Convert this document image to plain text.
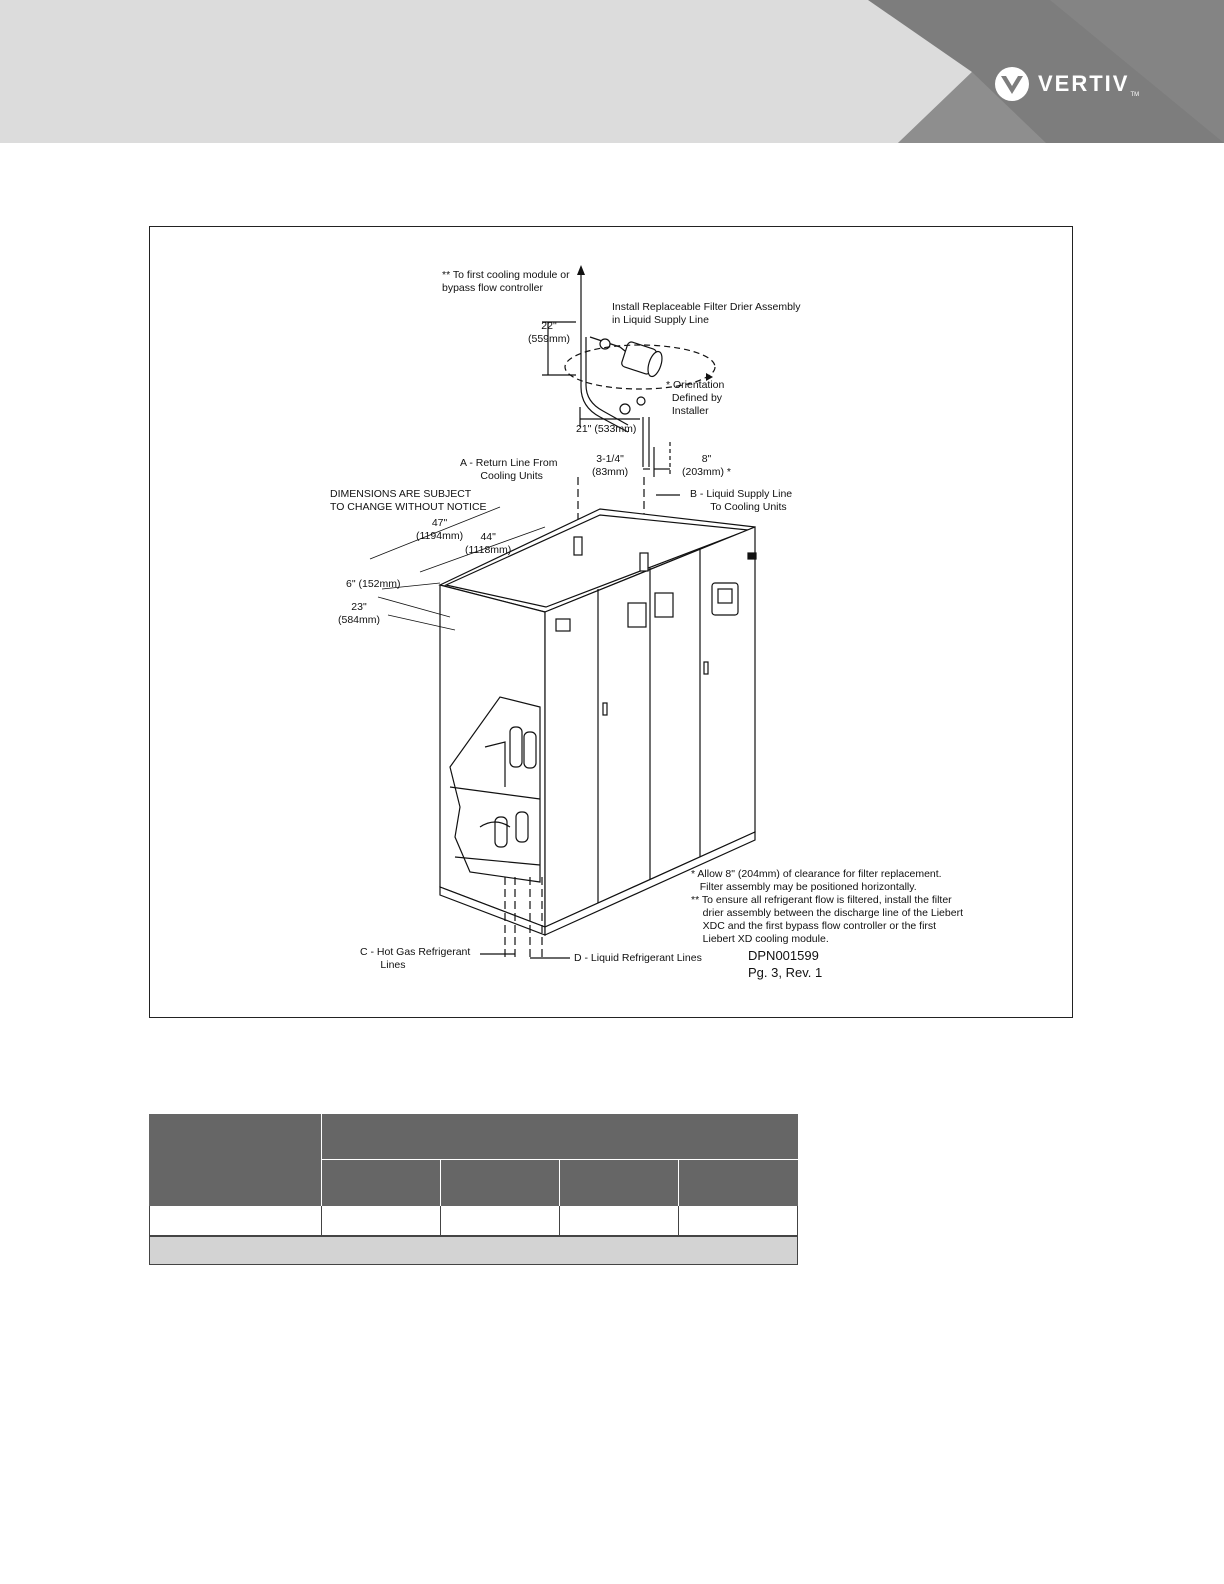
VERTIV TM
** To first cooling module or
bypass flow controller
Install Replaceable Filter Drier Assembly
in Liquid Supply Line
22"
(559mm)
* Orientation
Defined by
Installer
21" (533mm)
3-1/4"
(83mm)
8"
(203mm) *
A - Return Line From
Cooling Units
B - Liquid Supply Line
To Cooling Units
DIMENSIONS ARE SUBJECT
TO CHANGE WITHOUT NOTICE
47"
(1194mm)	44"
(1118mm)
6" (152mm)
23"
(584mm)
* Allow 8" (204mm) of clearance for filter replacement.
Filter assembly may be positioned horizontally.
** To ensure all refrigerant flow is filtered, install the filter
drier assembly between the discharge line of the Liebert
XDC and the first bypass flow controller or the first
Liebert XD cooling module.
C - Hot Gas Refrigerant
Lines
D - Liquid Refrigerant Lines	DPN001599
Pg. 3, Rev. 1
